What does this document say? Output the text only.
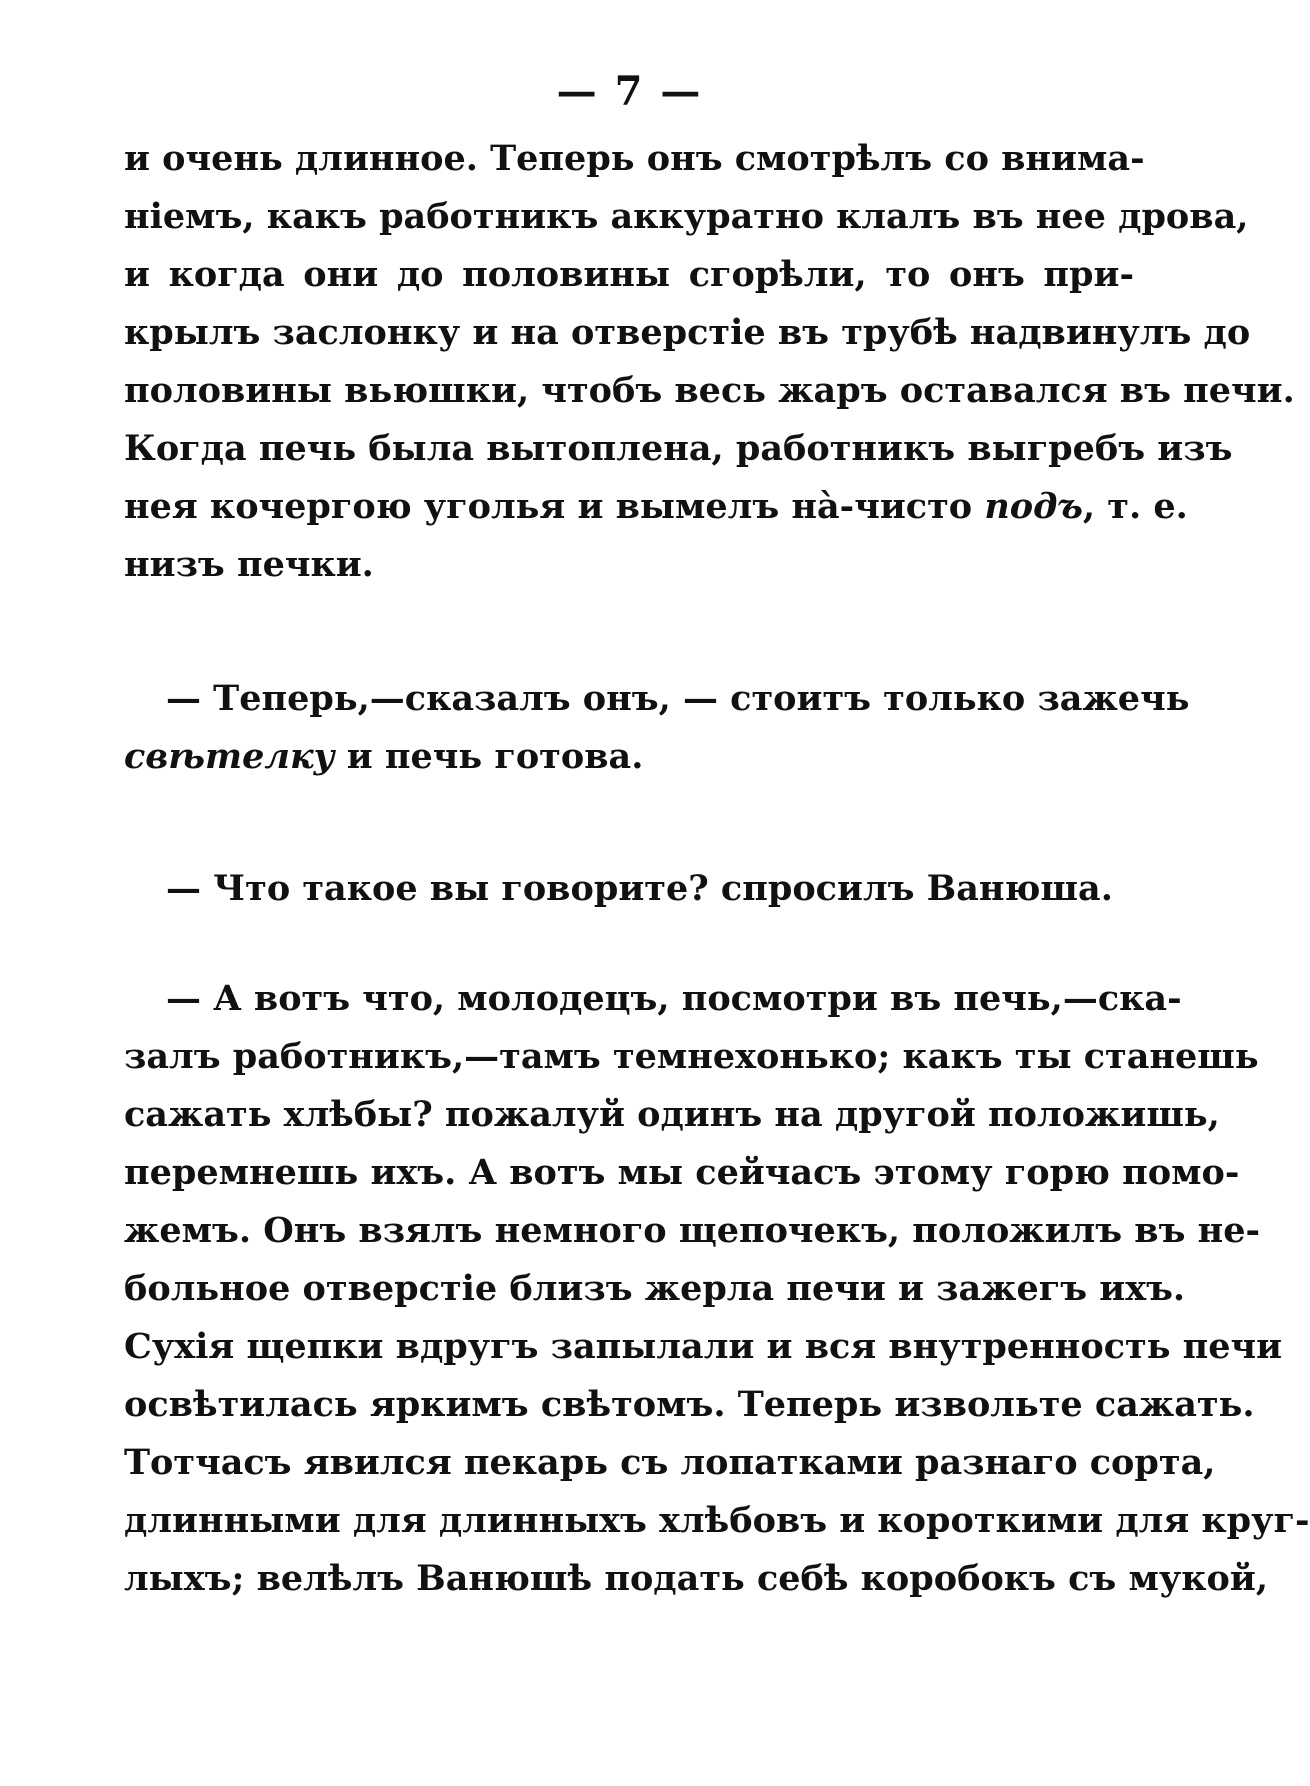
— 7 —
и очень длинное. Теперь онъ смотрѣлъ со внима-
ніемъ, какъ работникъ аккуратно клалъ въ нее дрова,
и когда они до половины сгорѣли, то онъ при-
крылъ заслонку и на отверстіе въ трубѣ надвинулъ до
половины вьюшки, чтобъ весь жаръ оставался въ печи.
Когда печь была вытоплена, работникъ выгребъ изъ
нея кочергою уголья и вымелъ на̀-чисто подъ, т. е.
низъ печки.
— Теперь,—сказалъ онъ, — стоитъ только зажечь
свѣтелку и печь готова.
— Что такое вы говорите? спросилъ Ванюша.
— А вотъ что, молодецъ, посмотри въ печь,—ска-
залъ работникъ,—тамъ темнехонько; какъ ты станешь
сажать хлѣбы? пожалуй одинъ на другой положишь,
перемнешь ихъ. А вотъ мы сейчасъ этому горю помо-
жемъ. Онъ взялъ немного щепочекъ, положилъ въ не-
больное отверстіе близъ жерла печи и зажегъ ихъ.
Сухія щепки вдругъ запылали и вся внутренность печи
освѣтилась яркимъ свѣтомъ. Теперь извольте сажать.
Тотчасъ явился пекарь съ лопатками разнаго сорта,
длинными для длинныхъ хлѣбовъ и короткими для круг-
лыхъ; велѣлъ Ванюшѣ подать себѣ коробокъ съ мукой,
